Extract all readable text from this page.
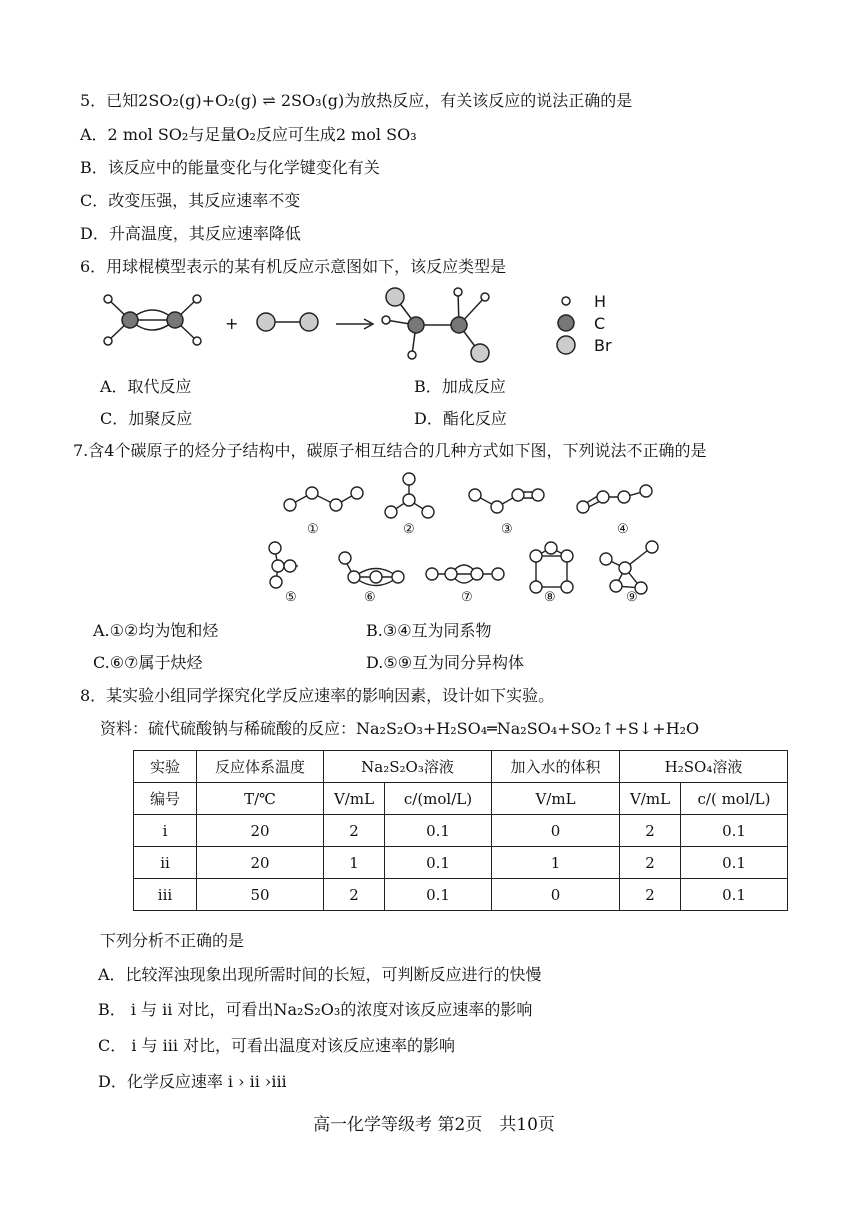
5．已知2SO₂(g)+O₂(g) ⇌ 2SO₃(g)为放热反应，有关该反应的说法正确的是
A．2 mol SO₂与足量O₂反应可生成2 mol SO₃
B．该反应中的能量变化与化学键变化有关
C．改变压强，其反应速率不变
D．升高温度，其反应速率降低
6．用球棍模型表示的某有机反应示意图如下，该反应类型是
+
H
C
Br
A．取代反应	B．加成反应
C．加聚反应	D．酯化反应
7.含4个碳原子的烃分子结构中，碳原子相互结合的几种方式如下图，下列说法不正确的是
①	②	③	④
⑤	⑥	⑦	⑧	⑨
A.①②均为饱和烃	B.③④互为同系物
C.⑥⑦属于炔烃	D.⑤⑨互为同分异构体
8．某实验小组同学探究化学反应速率的影响因素，设计如下实验。
资料：硫代硫酸钠与稀硫酸的反应：Na₂S₂O₃+H₂SO₄═Na₂SO₄+SO₂↑+S↓+H₂O
实验	反应体系温度	Na₂S₂O₃溶液		加入水的体积	H₂SO₄溶液	
编号	T/℃	V/mL	c/(mol/L)	V/mL	V/mL	c/( mol/L)
i	20	2	0.1	0	2	0.1
ii	20	1	0.1	1	2	0.1
iii	50	2	0.1	0	2	0.1
下列分析不正确的是
A．比较浑浊现象出现所需时间的长短，可判断反应进行的快慢
B． i 与 ii 对比，可看出Na₂S₂O₃的浓度对该反应速率的影响
C． i 与 iii 对比，可看出温度对该反应速率的影响
D．化学反应速率 i › ii ›iii
高一化学等级考 第2页　共10页
